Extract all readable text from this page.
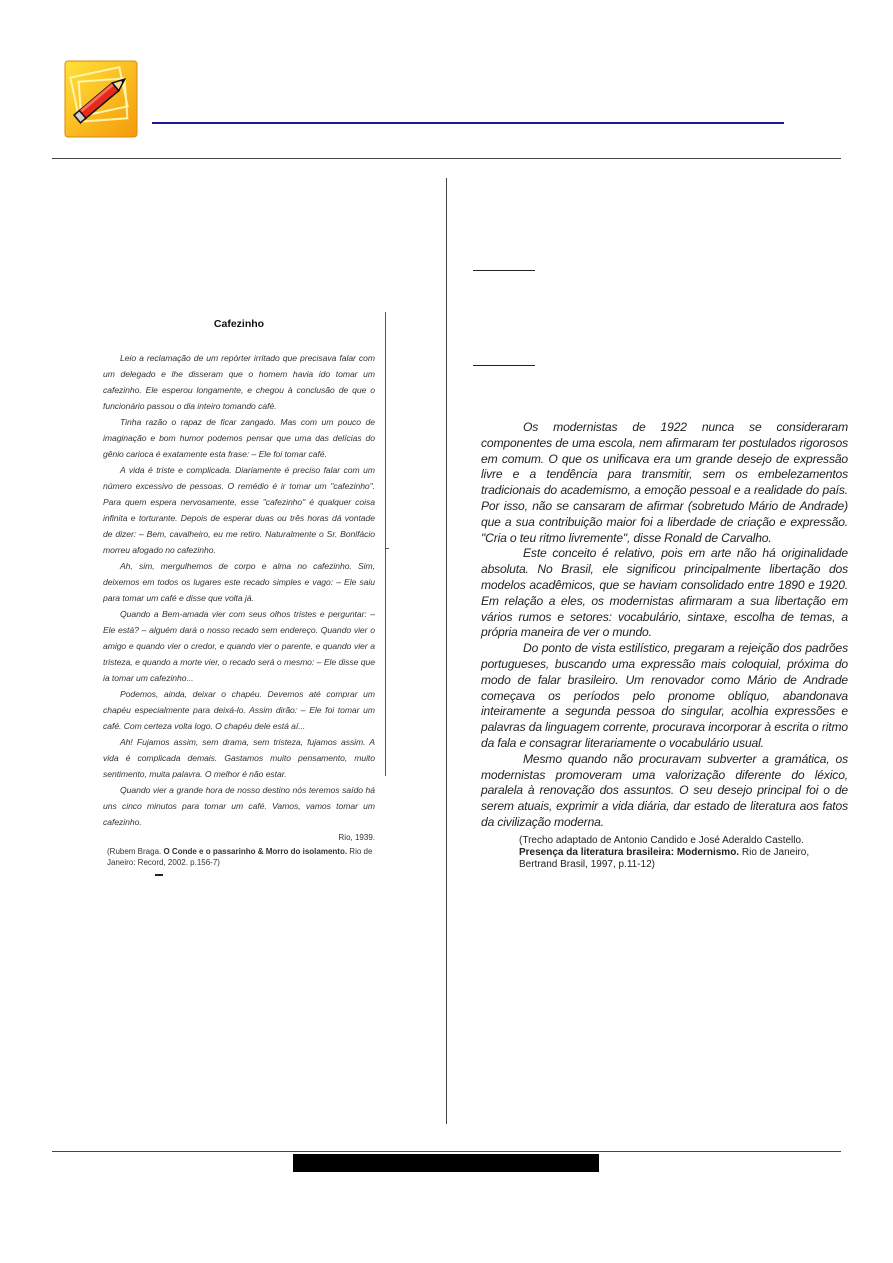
Cafezinho

Leio a reclamação de um repórter irritado que precisava falar com um delegado e lhe disseram que o homem havia ido tomar um cafezinho. Ele esperou longamente, e chegou à conclusão de que o funcionário passou o dia inteiro tomando café.

Tinha razão o rapaz de ficar zangado. Mas com um pouco de imaginação e bom humor podemos pensar que uma das delícias do gênio carioca é exatamente esta frase: – Ele foi tomar café.

A vida é triste e complicada. Diariamente é preciso falar com um número excessivo de pessoas. O remédio é ir tomar um "cafezinho". Para quem espera nervosamente, esse "cafezinho" é qualquer coisa infinita e torturante. Depois de esperar duas ou três horas dá vontade de dizer: – Bem, cavalheiro, eu me retiro. Naturalmente o Sr. Bonifácio morreu afogado no cafezinho.

Ah, sim, mergulhemos de corpo e alma no cafezinho. Sim, deixemos em todos os lugares este recado simples e vago: – Ele saiu para tomar um café e disse que volta já.

Quando a Bem-amada vier com seus olhos tristes e perguntar: – Ele está? – alguém dará o nosso recado sem endereço. Quando vier o amigo e quando vier o credor, e quando vier o parente, e quando vier a tristeza, e quando a morte vier, o recado será o mesmo: – Ele disse que ia tomar um cafezinho...

Podemos, ainda, deixar o chapéu. Devemos até comprar um chapéu especialmente para deixá-lo. Assim dirão: – Ele foi tomar um café. Com certeza volta logo. O chapéu dele está aí...

Ah! Fujamos assim, sem drama, sem tristeza, fujamos assim. A vida é complicada demais. Gastamos muito pensamento, muito sentimento, muita palavra. O melhor é não estar.

Quando vier a grande hora de nosso destino nós teremos saído há uns cinco minutos para tomar um café. Vamos, vamos tomar um cafezinho.

Rio, 1939.
(Rubem Braga. O Conde e o passarinho & Morro do isolamento. Rio de Janeiro: Record, 2002. p.156-7)

Os modernistas de 1922 nunca se consideraram componentes de uma escola, nem afirmaram ter postulados rigorosos em comum. O que os unificava era um grande desejo de expressão livre e a tendência para transmitir, sem os embelezamentos tradicionais do academismo, a emoção pessoal e a realidade do país. Por isso, não se cansaram de afirmar (sobretudo Mário de Andrade) que a sua contribuição maior foi a liberdade de criação e expressão. "Cria o teu ritmo livremente", disse Ronald de Carvalho.

Este conceito é relativo, pois em arte não há originalidade absoluta. No Brasil, ele significou principalmente libertação dos modelos acadêmicos, que se haviam consolidado entre 1890 e 1920. Em relação a eles, os modernistas afirmaram a sua libertação em vários rumos e setores: vocabulário, sintaxe, escolha de temas, a própria maneira de ver o mundo.

Do ponto de vista estilístico, pregaram a rejeição dos padrões portugueses, buscando uma expressão mais coloquial, próxima do modo de falar brasileiro. Um renovador como Mário de Andrade começava os períodos pelo pronome oblíquo, abandonava inteiramente a segunda pessoa do singular, acolhia expressões e palavras da linguagem corrente, procurava incorporar à escrita o ritmo da fala e consagrar literariamente o vocabulário usual.

Mesmo quando não procuravam subverter a gramática, os modernistas promoveram uma valorização diferente do léxico, paralela à renovação dos assuntos. O seu desejo principal foi o de serem atuais, exprimir a vida diária, dar estado de literatura aos fatos da civilização moderna.

(Trecho adaptado de Antonio Candido e José Aderaldo Castello. Presença da literatura brasileira: Modernismo. Rio de Janeiro, Bertrand Brasil, 1997, p.11-12)
